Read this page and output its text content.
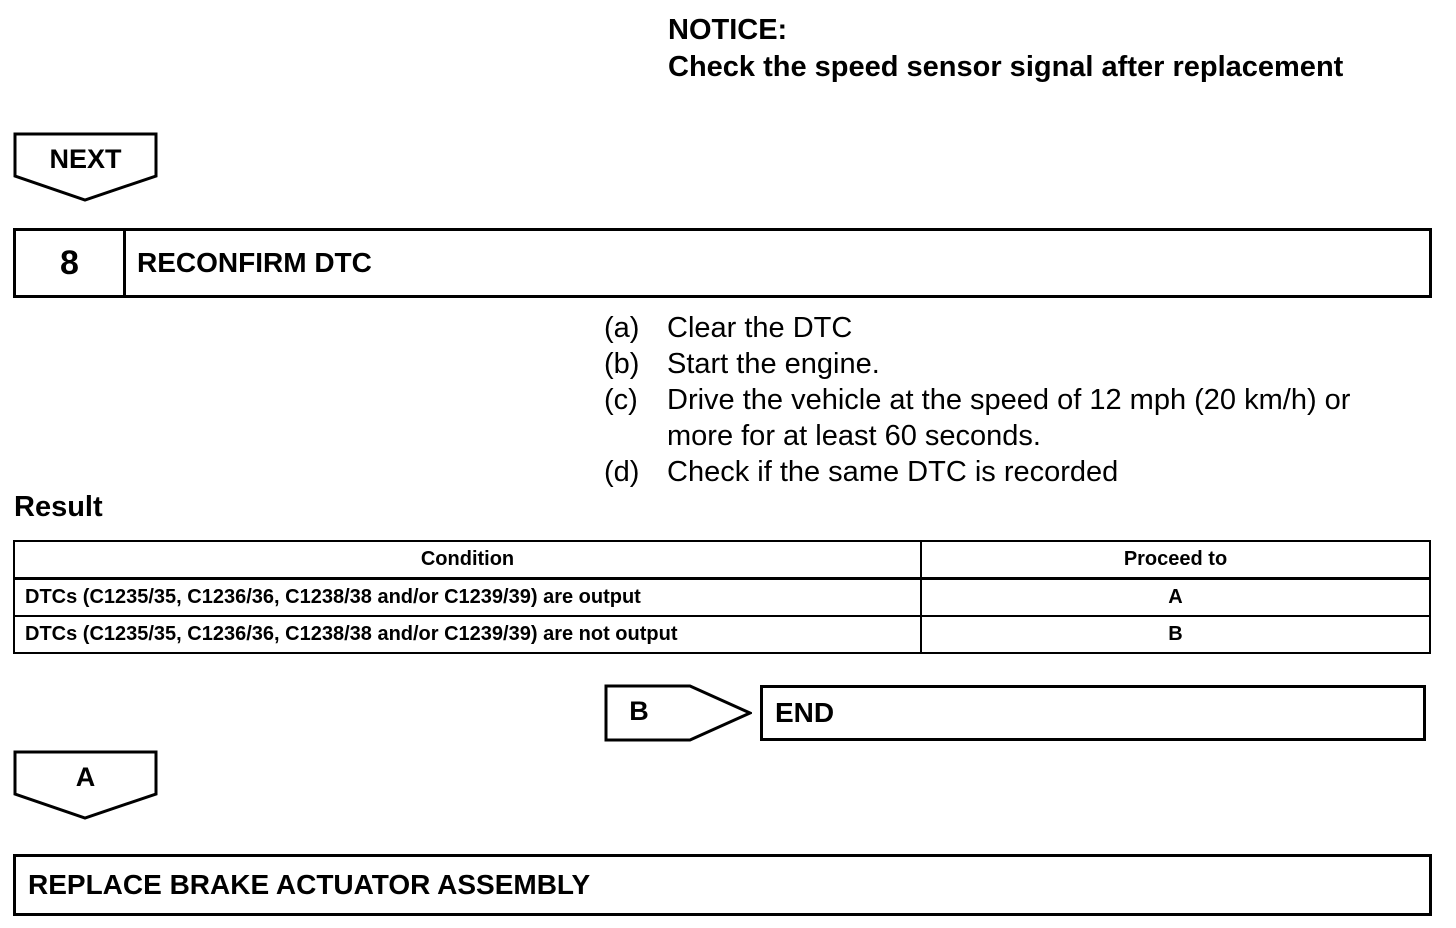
NOTICE:
Check the speed sensor signal after replacement
NEXT
8	RECONFIRM DTC
(a) Clear the DTC
(b) Start the engine.
(c)	Drive the vehicle at the speed of 12 mph (20 km/h) or
more for at least 60 seconds.
(d) Check if the same DTC is recorded
Result
Condition	Proceed to
DTCs (C1235/35, C1236/36, C1238/38 and/or C1239/39) are output	A
DTCs (C1235/35, C1236/36, C1238/38 and/or C1239/39) are not output	B
B	END
A
REPLACE BRAKE ACTUATOR ASSEMBLY
